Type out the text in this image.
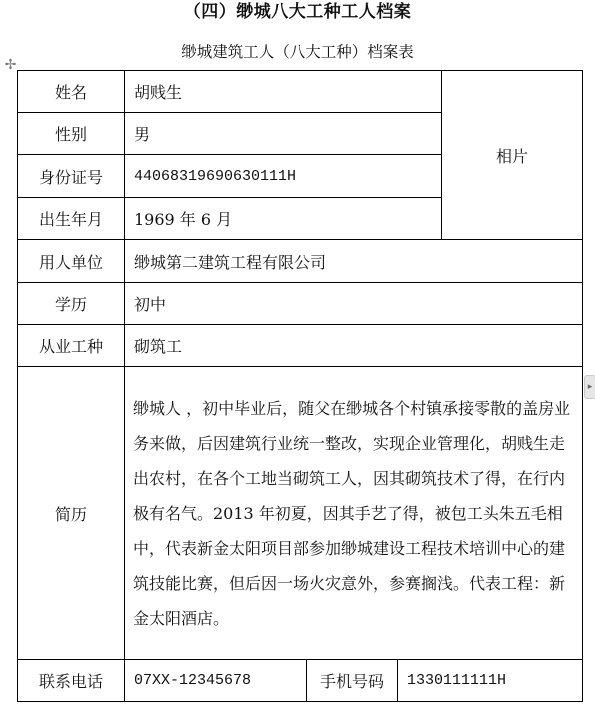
（四）缈城八大工种工人档案
缈城建筑工人（八大工种）档案表
✢
▸
姓名	胡贱生			相片
性别	男			
身份证号	44068319690630111H			
出生年月	1969 年 6 月			
用人单位	缈城第二建筑工程有限公司			
学历	初中			
从业工种	砌筑工			
简历	缈城人 ，初中毕业后，随父在缈城各个村镇承接零散的盖房业务来做，后因建筑行业统一整改，实现企业管理化，胡贱生走出农村，在各个工地当砌筑工人，因其砌筑技术了得，在行内极有名气。2013 年初夏，因其手艺了得，被包工头朱五毛相中，代表新金太阳项目部参加缈城建设工程技术培训中心的建筑技能比赛，但后因一场火灾意外，参赛搁浅。代表工程：新金太阳酒店。			
联系电话	07XX-12345678	手机号码	1330111111H	
